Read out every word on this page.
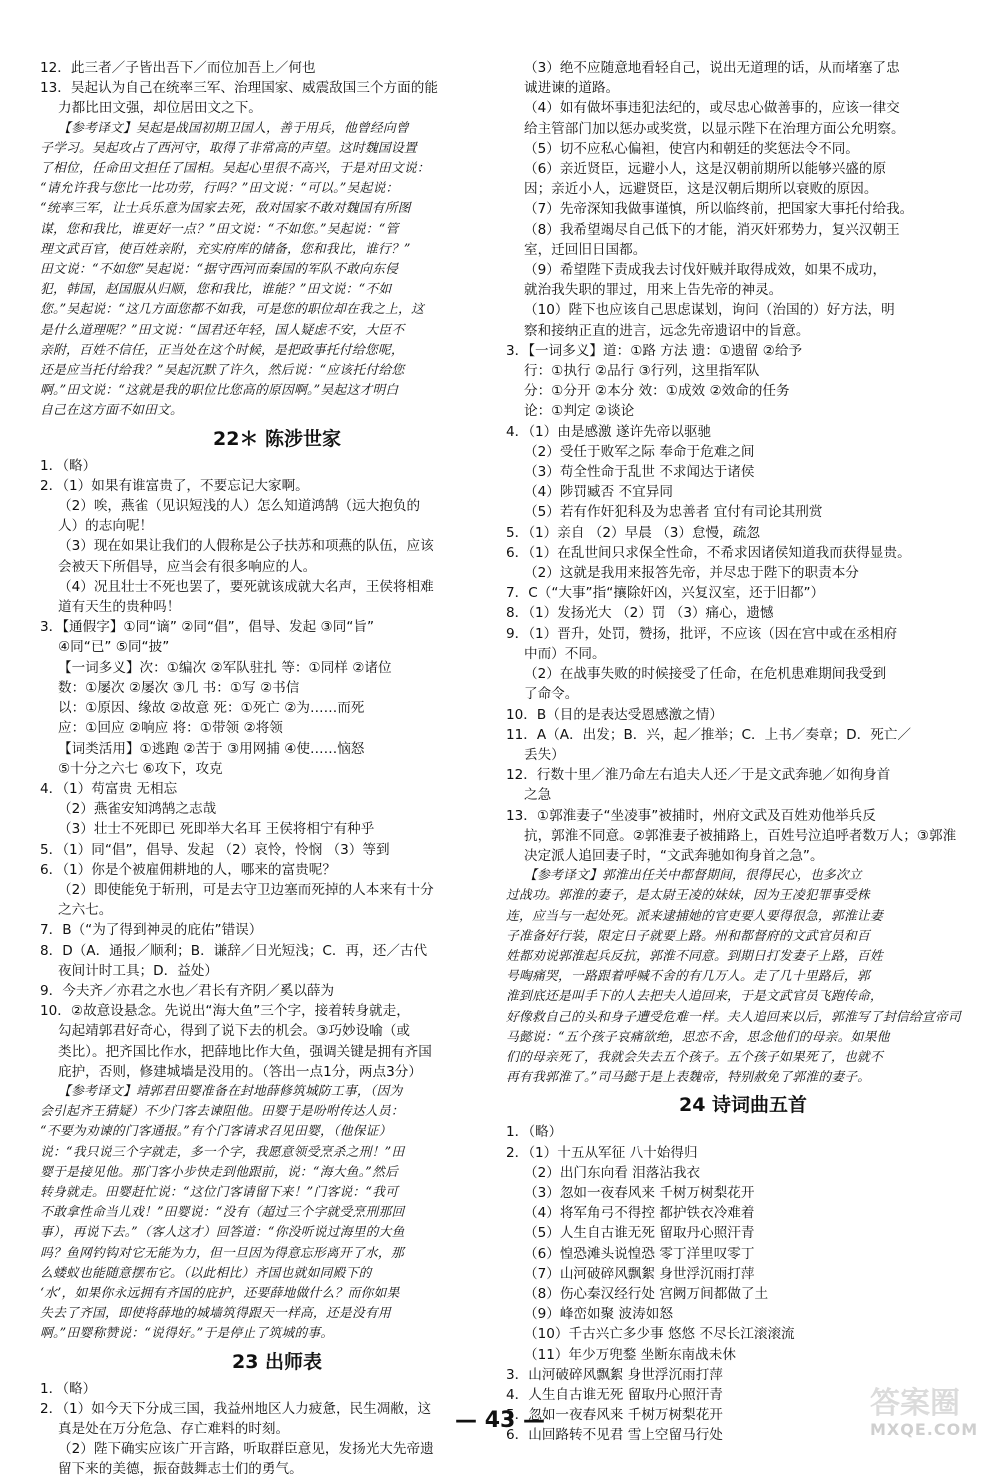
12．此三者／子皆出吾下／而位加吾上／何也
13．吴起认为自己在统率三军、治理国家、威震敌国三个方面的能
力都比田文强，却位居田文之下。
【参考译文】吴起是战国初期卫国人，善于用兵，他曾经向曾
子学习。吴起攻占了西河守，取得了非常高的声望。这时魏国设置
了相位，任命田文担任了国相。吴起心里很不高兴，于是对田文说：
“请允许我与您比一比功劳，行吗？”田文说：“可以。”吴起说：
“统率三军，让士兵乐意为国家去死，敌对国家不敢对魏国有所图
谋，您和我比，谁更好一点？”田文说：“不如您。”吴起说：“管
理文武百官，使百姓亲附，充实府库的储备，您和我比，谁行？”
田文说：“不如您”吴起说：“据守西河而秦国的军队不敢向东侵
犯，韩国，赵国服从归顺，您和我比，谁能？”田文说：“不如
您。”吴起说：“这几方面您都不如我，可是您的职位却在我之上，这
是什么道理呢？”田文说：“国君还年轻，国人疑虑不安，大臣不
亲附，百姓不信任，正当处在这个时候，是把政事托付给您呢，
还是应当托付给我？”吴起沉默了许久，然后说：“应该托付给您
啊。”田文说：“这就是我的职位比您高的原因啊。”吴起这才明白
自己在这方面不如田文。
22＊ 陈涉世家
1．（略）
2．（1）如果有谁富贵了，不要忘记大家啊。
（2）唉，燕雀（见识短浅的人）怎么知道鸿鹄（远大抱负的
人）的志向呢！
（3）现在如果让我们的人假称是公子扶苏和项燕的队伍，应该
会被天下所倡导，应当会有很多响应的人。
（4）况且壮士不死也罢了，要死就该成就大名声，王侯将相难
道有天生的贵种吗！
3．【通假字】①同“谪” ②同“倡”，倡导、发起 ③同“旨”
④同“已” ⑤同“披”
【一词多义】次：①编次 ②军队驻扎 等：①同样 ②诸位
数：①屡次 ②屡次 ③几 书：①写 ②书信
以：①原因、缘故 ②故意 死：①死亡 ②为……而死
应：①回应 ②响应 将：①带领 ②将领
【词类活用】①逃跑 ②苦于 ③用网捕 ④使……恼怒
⑤十分之六七 ⑥攻下，攻克
4．（1）苟富贵 无相忘
（2）燕雀安知鸿鹄之志哉
（3）壮士不死即已 死即举大名耳 王侯将相宁有种乎
5．（1）同“倡”，倡导、发起 （2）哀怜，怜悯 （3）等到
6．（1）你是个被雇佣耕地的人，哪来的富贵呢？
（2）即使能免于斩刑，可是去守卫边塞而死掉的人本来有十分
之六七。
7．B（“为了得到神灵的庇佑”错误）
8．D（A．通报／顺利；B．谦辞／日光短浅；C．再，还／古代
夜间计时工具；D．益处）
9．今夫齐／亦君之水也／君长有齐阴／奚以薛为
10．②故意设悬念。先说出“海大鱼”三个字，接着转身就走，
勾起靖郭君好奇心，得到了说下去的机会。③巧妙设喻（或
类比）。把齐国比作水，把薛地比作大鱼，强调关键是拥有齐国
庇护，否则，修建城墙是没用的。（答出一点1分，两点3分）
【参考译文】靖郭君田婴准备在封地薛修筑城防工事，（因为
会引起齐王猜疑）不少门客去谏阻他。田婴于是吩咐传达人员：
“不要为劝谏的门客通报。”有个门客请求召见田婴，（他保证）
说：“我只说三个字就走，多一个字，我愿意领受烹杀之刑！”田
婴于是接见他。那门客小步快走到他跟前，说：“海大鱼。”然后
转身就走。田婴赶忙说：“这位门客请留下来！”门客说：“我可
不敢拿性命当儿戏！”田婴说：“没有（超过三个字就受烹刑那回
事），再说下去。”（客人这才）回答道：“你没听说过海里的大鱼
吗？鱼网钓钩对它无能为力，但一旦因为得意忘形离开了水，那
么蝼蚁也能随意摆布它。（以此相比）齐国也就如同殿下的
‘水’，如果你永远拥有齐国的庇护，还要薛地做什么？而你如果
失去了齐国，即使将薛地的城墙筑得跟天一样高，还是没有用
啊。”田婴称赞说：“说得好。”于是停止了筑城的事。
23 出师表
1．（略）
2．（1）如今天下分成三国，我益州地区人力疲惫，民生凋敝，这
真是处在万分危急、存亡难料的时刻。
（2）陛下确实应该广开言路，听取群臣意见，发扬光大先帝遗
留下来的美德，振奋鼓舞志士们的勇气。
（3）绝不应随意地看轻自己，说出无道理的话，从而堵塞了忠
诚进谏的道路。
（4）如有做坏事违犯法纪的，或尽忠心做善事的，应该一律交
给主管部门加以惩办或奖赏，以显示陛下在治理方面公允明察。
（5）切不应私心偏袒，使宫内和朝廷的奖惩法令不同。
（6）亲近贤臣，远避小人，这是汉朝前期所以能够兴盛的原
因；亲近小人，远避贤臣，这是汉朝后期所以衰败的原因。
（7）先帝深知我做事谨慎，所以临终前，把国家大事托付给我。
（8）我希望竭尽自己低下的才能，消灭奸邪势力，复兴汉朝王
室，迁回旧日国都。
（9）希望陛下责成我去讨伐奸贼并取得成效，如果不成功，
就治我失职的罪过，用来上告先帝的神灵。
（10）陛下也应该自己思虑谋划，询问（治国的）好方法，明
察和接纳正直的进言，远念先帝遗诏中的旨意。
3．【一词多义】道：①路 方法 遗：①遗留 ②给予
行：①执行 ②品行 ③行列，这里指军队
分：①分开 ②本分 效：①成效 ②效命的任务
论：①判定 ②谈论
4．（1）由是感激 遂许先帝以驱驰
（2）受任于败军之际 奉命于危难之间
（3）苟全性命于乱世 不求闻达于诸侯
（4）陟罚臧否 不宜异同
（5）若有作奸犯科及为忠善者 宜付有司论其刑赏
5．（1）亲自 （2）早晨 （3）怠慢，疏忽
6．（1）在乱世间只求保全性命，不希求因诸侯知道我而获得显贵。
（2）这就是我用来报答先帝，并尽忠于陛下的职责本分
7．C（“大事”指“攘除奸凶，兴复汉室，还于旧都”）
8．（1）发扬光大 （2）罚 （3）痛心，遗憾
9．（1）晋升，处罚，赞扬，批评，不应该（因在宫中或在丞相府
中而）不同。
（2）在战事失败的时候接受了任命，在危机患难期间我受到
了命令。
10．B（目的是表达受恩感激之情）
11．A（A．出发；B．兴，起／推举；C．上书／奏章；D．死亡／
丢失）
12．行数十里／淮乃命左右追夫人还／于是文武奔驰／如徇身首
之急
13．①郭淮妻子“坐凌事”被捕时，州府文武及百姓劝他举兵反
抗，郭淮不同意。②郭淮妻子被捕路上，百姓号泣追呼者数万人；③郭淮
决定派人追回妻子时，“文武奔驰如徇身首之急”。
【参考译文】郭淮出任关中都督期间，很得民心，也多次立
过战功。郭淮的妻子，是太尉王凌的妹妹，因为王凌犯罪事受株
连，应当与一起处死。派来逮捕她的官吏要人要得很急，郭淮让妻
子准备好行装，限定日子就要上路。州和都督府的文武官员和百
姓都劝说郭淮起兵反抗，郭淮不同意。到期日打发妻子上路，百姓
号啕痛哭，一路跟着呼喊不舍的有几万人。走了几十里路后，郭
淮到底还是叫手下的人去把夫人追回来，于是文武官员飞跑传命，
好像救自己的头和身子遭受危难一样。夫人追回来以后，郭淮写了封信给宣帝司
马懿说：“五个孩子哀痛欲绝，思恋不舍，思念他们的母亲。如果他
们的母亲死了，我就会失去五个孩子。五个孩子如果死了，也就不
再有我郭淮了。”司马懿于是上表魏帝，特别赦免了郭淮的妻子。
24 诗词曲五首
1．（略）
2．（1）十五从军征 八十始得归
（2）出门东向看 泪落沾我衣
（3）忽如一夜春风来 千树万树梨花开
（4）将军角弓不得控 都护铁衣冷难着
（5）人生自古谁无死 留取丹心照汗青
（6）惶恐滩头说惶恐 零丁洋里叹零丁
（7）山河破碎风飘絮 身世浮沉雨打萍
（8）伤心秦汉经行处 宫阙万间都做了土
（9）峰峦如聚 波涛如怒
（10）千古兴亡多少事 悠悠 不尽长江滚滚流
（11）年少万兜鍪 坐断东南战未休
3．山河破碎风飘絮 身世浮沉雨打萍
4．人生自古谁无死 留取丹心照汗青
5．忽如一夜春风来 千树万树梨花开
6．山回路转不见君 雪上空留马行处
— 43 —	答案圈
MXQE.COM
